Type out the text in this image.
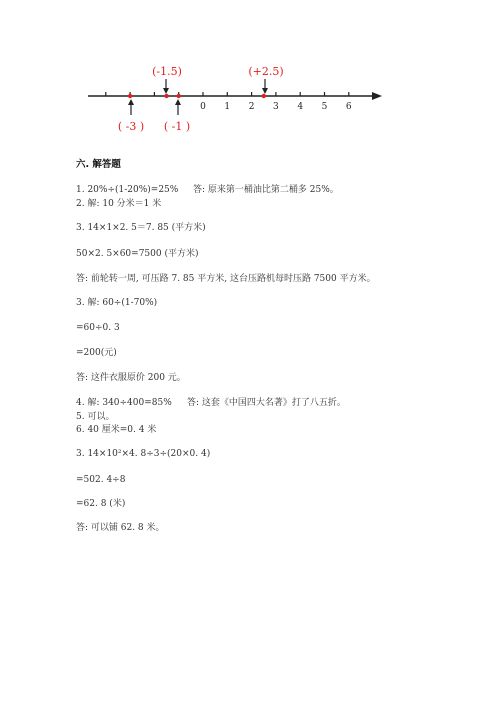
0 1 2 3 4 5 6
(-1.5)	(+2.5)
( -3 ) ( -1 )
六. 解答题
1. 20%÷(1-20%)=25% 答: 原来第一桶油比第二桶多 25%。
2. 解: 10 分米＝1 米
3. 14×1×2. 5＝7. 85 (平方米)
50×2. 5×60=7500 (平方米)
答: 前轮转一周, 可压路 7. 85 平方米, 这台压路机每时压路 7500 平方米。
3. 解: 60÷(1-70%)
=60÷0. 3
=200(元)
答: 这件衣服原价 200 元。
4. 解: 340÷400=85% 答: 这套《中国四大名著》打了八五折。
5. 可以。
6. 40 厘米=0. 4 米
3. 14×10²×4. 8÷3÷(20×0. 4)
=502. 4÷8
=62. 8 (米)
答: 可以铺 62. 8 米。
